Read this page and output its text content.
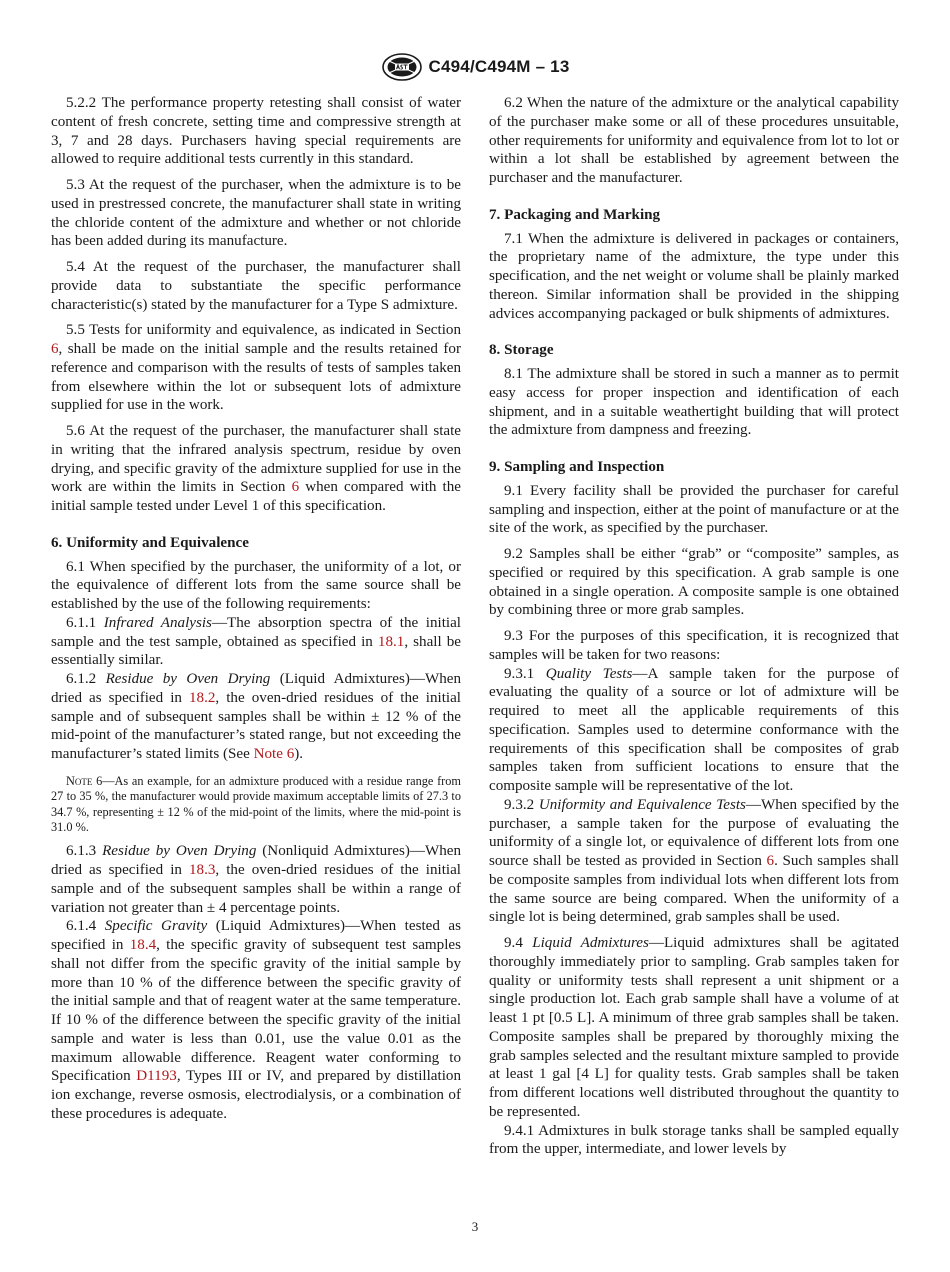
C494/C494M – 13

5.2.2 The performance property retesting shall consist of water content of fresh concrete, setting time and compressive strength at 3, 7 and 28 days. Purchasers having special requirements are allowed to require additional tests currently in this standard.

5.3 At the request of the purchaser, when the admixture is to be used in prestressed concrete, the manufacturer shall state in writing the chloride content of the admixture and whether or not chloride has been added during its manufacture.

5.4 At the request of the purchaser, the manufacturer shall provide data to substantiate the specific performance characteristic(s) stated by the manufacturer for a Type S admixture.

5.5 Tests for uniformity and equivalence, as indicated in Section 6, shall be made on the initial sample and the results retained for reference and comparison with the results of tests of samples taken from elsewhere within the lot or subsequent lots of admixture supplied for use in the work.

5.6 At the request of the purchaser, the manufacturer shall state in writing that the infrared analysis spectrum, residue by oven drying, and specific gravity of the admixture supplied for use in the work are within the limits in Section 6 when compared with the initial sample tested under Level 1 of this specification.

6. Uniformity and Equivalence

6.1 When specified by the purchaser, the uniformity of a lot, or the equivalence of different lots from the same source shall be established by the use of the following requirements:

6.1.1 Infrared Analysis—The absorption spectra of the initial sample and the test sample, obtained as specified in 18.1, shall be essentially similar.

6.1.2 Residue by Oven Drying (Liquid Admixtures)—When dried as specified in 18.2, the oven-dried residues of the initial sample and of subsequent samples shall be within ± 12 % of the mid-point of the manufacturer’s stated range, but not exceeding the manufacturer’s stated limits (See Note 6).

Note 6—As an example, for an admixture produced with a residue range from 27 to 35 %, the manufacturer would provide maximum acceptable limits of 27.3 to 34.7 %, representing ± 12 % of the mid-point of the limits, where the mid-point is 31.0 %.

6.1.3 Residue by Oven Drying (Nonliquid Admixtures)—When dried as specified in 18.3, the oven-dried residues of the initial sample and of the subsequent samples shall be within a range of variation not greater than ± 4 percentage points.

6.1.4 Specific Gravity (Liquid Admixtures)—When tested as specified in 18.4, the specific gravity of subsequent test samples shall not differ from the specific gravity of the initial sample by more than 10 % of the difference between the specific gravity of the initial sample and that of reagent water at the same temperature. If 10 % of the difference between the specific gravity of the initial sample and water is less than 0.01, use the value 0.01 as the maximum allowable difference. Reagent water conforming to Specification D1193, Types III or IV, and prepared by distillation ion exchange, reverse osmosis, electrodialysis, or a combination of these procedures is adequate.

6.2 When the nature of the admixture or the analytical capability of the purchaser make some or all of these procedures unsuitable, other requirements for uniformity and equivalence from lot to lot or within a lot shall be established by agreement between the purchaser and the manufacturer.

7. Packaging and Marking

7.1 When the admixture is delivered in packages or containers, the proprietary name of the admixture, the type under this specification, and the net weight or volume shall be plainly marked thereon. Similar information shall be provided in the shipping advices accompanying packaged or bulk shipments of admixtures.

8. Storage

8.1 The admixture shall be stored in such a manner as to permit easy access for proper inspection and identification of each shipment, and in a suitable weathertight building that will protect the admixture from dampness and freezing.

9. Sampling and Inspection

9.1 Every facility shall be provided the purchaser for careful sampling and inspection, either at the point of manufacture or at the site of the work, as specified by the purchaser.

9.2 Samples shall be either “grab” or “composite” samples, as specified or required by this specification. A grab sample is one obtained in a single operation. A composite sample is one obtained by combining three or more grab samples.

9.3 For the purposes of this specification, it is recognized that samples will be taken for two reasons:

9.3.1 Quality Tests—A sample taken for the purpose of evaluating the quality of a source or lot of admixture will be required to meet all the applicable requirements of this specification. Samples used to determine conformance with the requirements of this specification shall be composites of grab samples taken from sufficient locations to ensure that the composite sample will be representative of the lot.

9.3.2 Uniformity and Equivalence Tests—When specified by the purchaser, a sample taken for the purpose of evaluating the uniformity of a single lot, or equivalence of different lots from one source shall be tested as provided in Section 6. Such samples shall be composite samples from individual lots when different lots from the same source are being compared. When the uniformity of a single lot is being determined, grab samples shall be used.

9.4 Liquid Admixtures—Liquid admixtures shall be agitated thoroughly immediately prior to sampling. Grab samples taken for quality or uniformity tests shall represent a unit shipment or a single production lot. Each grab sample shall have a volume of at least 1 pt [0.5 L]. A minimum of three grab samples shall be taken. Composite samples shall be prepared by thoroughly mixing the grab samples selected and the resultant mixture sampled to provide at least 1 gal [4 L] for quality tests. Grab samples shall be taken from different locations well distributed throughout the quantity to be represented.

9.4.1 Admixtures in bulk storage tanks shall be sampled equally from the upper, intermediate, and lower levels by

3
